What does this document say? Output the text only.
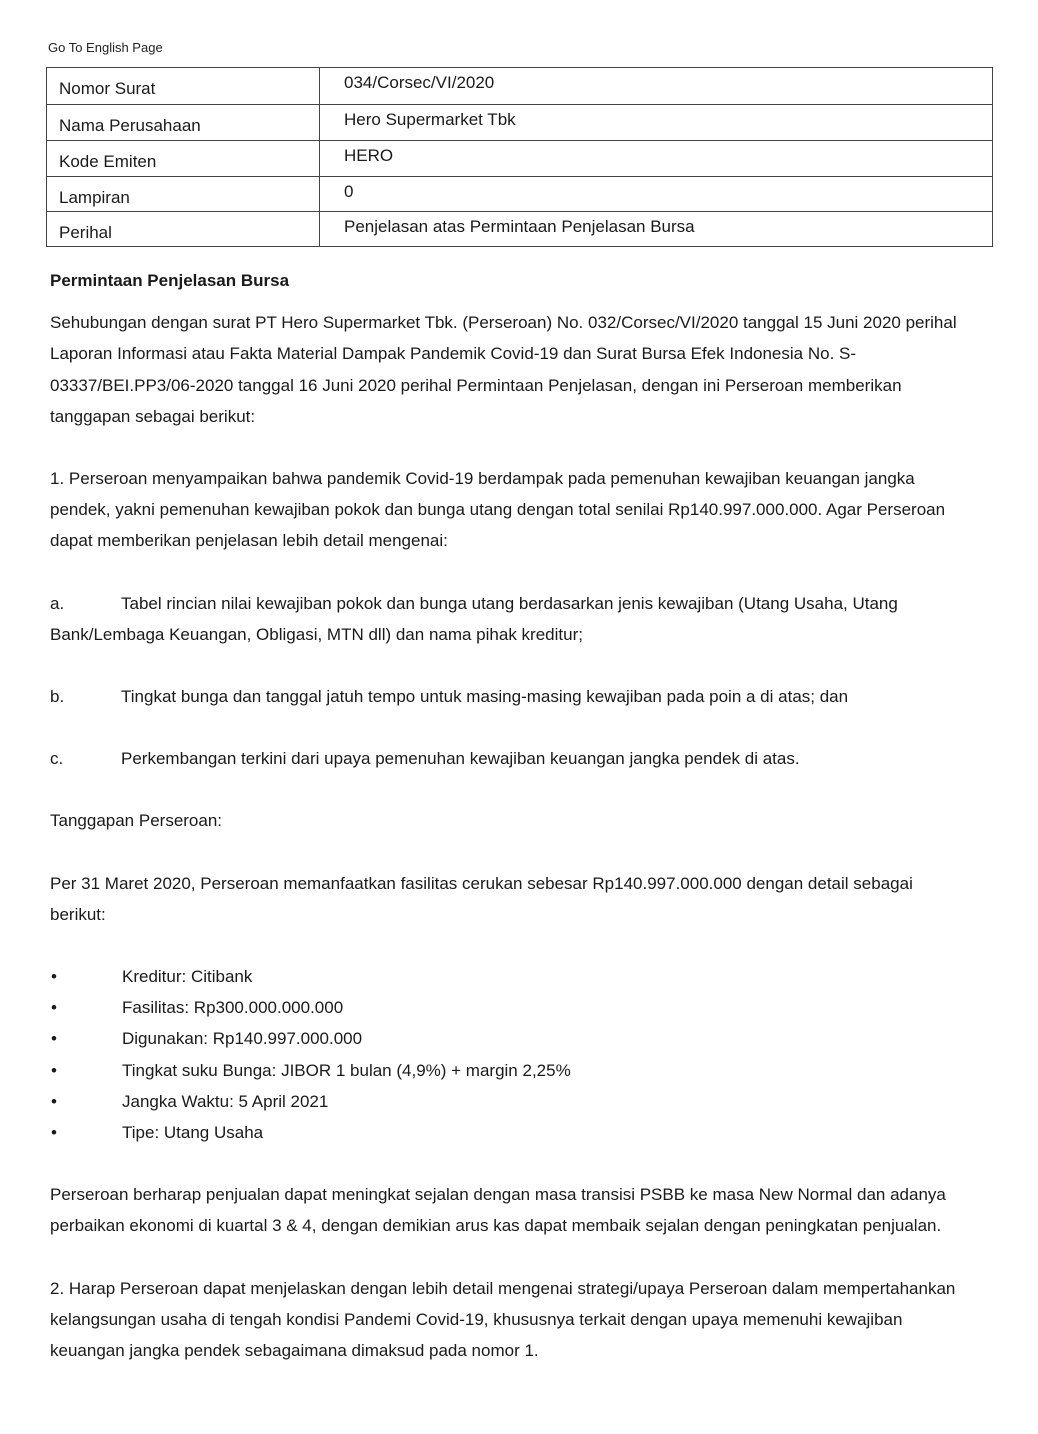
Go To English Page
Nomor Surat	034/Corsec/VI/2020

Nama Perusahaan	Hero Supermarket Tbk

Kode Emiten	HERO

Lampiran	0

Perihal	Penjelasan atas Permintaan Penjelasan Bursa

Permintaan Penjelasan Bursa

Sehubungan dengan surat PT Hero Supermarket Tbk. (Perseroan) No. 032/Corsec/VI/2020 tanggal 15 Juni 2020 perihal Laporan Informasi atau Fakta Material Dampak Pandemik Covid-19 dan Surat Bursa Efek Indonesia No. S-03337/BEI.PP3/06-2020 tanggal 16 Juni 2020 perihal Permintaan Penjelasan, dengan ini Perseroan memberikan tanggapan sebagai berikut:

1. Perseroan menyampaikan bahwa pandemik Covid-19 berdampak pada pemenuhan kewajiban keuangan jangka pendek, yakni pemenuhan kewajiban pokok dan bunga utang dengan total senilai Rp140.997.000.000. Agar Perseroan dapat memberikan penjelasan lebih detail mengenai:

a.	Tabel rincian nilai kewajiban pokok dan bunga utang berdasarkan jenis kewajiban (Utang Usaha, Utang

Bank/Lembaga Keuangan, Obligasi, MTN dll) dan nama pihak kreditur;

b.	Tingkat bunga dan tanggal jatuh tempo untuk masing-masing kewajiban pada poin a di atas; dan
c.	Perkembangan terkini dari upaya pemenuhan kewajiban keuangan jangka pendek di atas.

Tanggapan Perseroan:

Per 31 Maret 2020, Perseroan memanfaatkan fasilitas cerukan sebesar Rp140.997.000.000 dengan detail sebagai berikut:

•	Kreditur: Citibank
•	Fasilitas: Rp300.000.000.000
•	Digunakan: Rp140.997.000.000
•	Tingkat suku Bunga: JIBOR 1 bulan (4,9%) + margin 2,25%
•	Jangka Waktu: 5 April 2021
•	Tipe: Utang Usaha

Perseroan berharap penjualan dapat meningkat sejalan dengan masa transisi PSBB ke masa New Normal dan adanya perbaikan ekonomi di kuartal 3 & 4, dengan demikian arus kas dapat membaik sejalan dengan peningkatan penjualan.

2. Harap Perseroan dapat menjelaskan dengan lebih detail mengenai strategi/upaya Perseroan dalam mempertahankan kelangsungan usaha di tengah kondisi Pandemi Covid-19, khususnya terkait dengan upaya memenuhi kewajiban keuangan jangka pendek sebagaimana dimaksud pada nomor 1.
